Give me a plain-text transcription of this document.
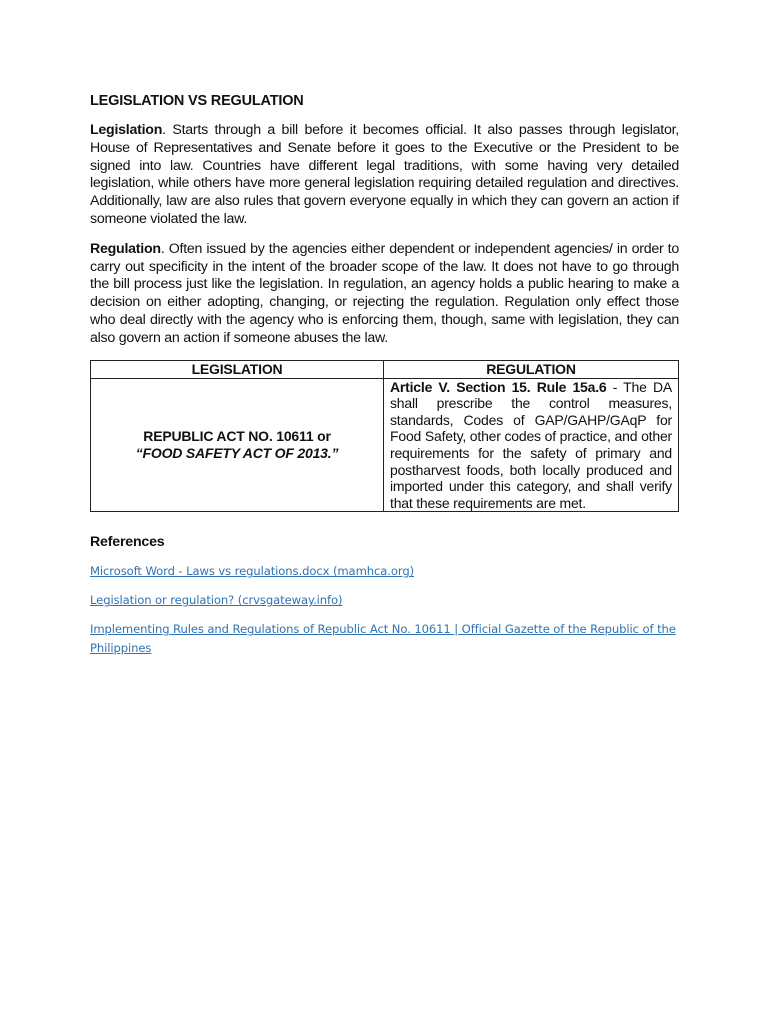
LEGISLATION VS REGULATION

Legislation. Starts through a bill before it becomes official. It also passes through legislator, House of Representatives and Senate before it goes to the Executive or the President to be signed into law. Countries have different legal traditions, with some having very detailed legislation, while others have more general legislation requiring detailed regulation and directives. Additionally, law are also rules that govern everyone equally in which they can govern an action if someone violated the law.

Regulation. Often issued by the agencies either dependent or independent agencies/ in order to carry out specificity in the intent of the broader scope of the law. It does not have to go through the bill process just like the legislation. In regulation, an agency holds a public hearing to make a decision on either adopting, changing, or rejecting the regulation. Regulation only effect those who deal directly with the agency who is enforcing them, though, same with legislation, they can also govern an action if someone abuses the law.

LEGISLATION	REGULATION
REPUBLIC ACT NO. 10611 or
“FOOD SAFETY ACT OF 2013.”	Article V. Section 15. Rule 15a.6 - The DA shall prescribe the control measures, standards, Codes of GAP/GAHP/GAqP for Food Safety, other codes of practice, and other requirements for the safety of primary and postharvest foods, both locally produced and imported under this category, and shall verify that these requirements are met.
References
Microsoft Word - Laws vs regulations.docx (mamhca.org)
Legislation or regulation? (crvsgateway.info)
Implementing Rules and Regulations of Republic Act No. 10611 | Official Gazette of the Republic of the Philippines
